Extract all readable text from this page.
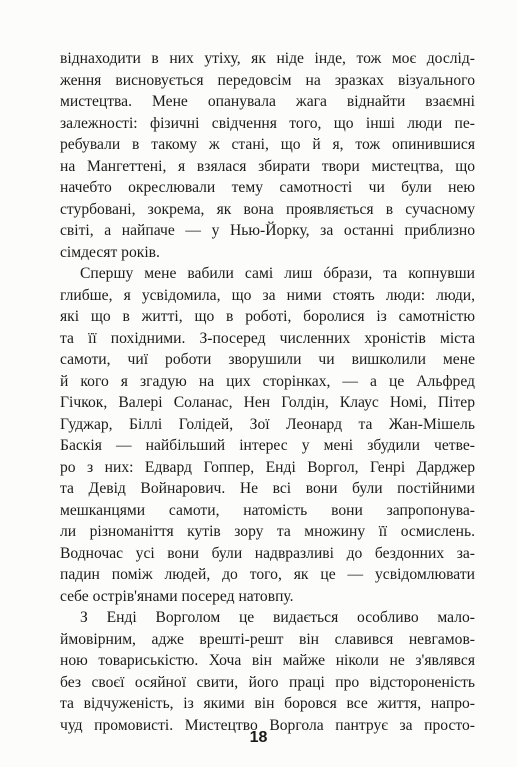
віднаходити в них утіху, як ніде інде, тож моє дослід-
ження висновується передовсім на зразках візуального
мистецтва. Мене опанувала жага віднайти взаємні
залежності: фізичні свідчення того, що інші люди пе-
ребували в такому ж стані, що й я, тож опинившися
на Мангеттені, я взялася збирати твори мистецтва, що
начебто окреслювали тему самотності чи були нею
стурбовані, зокрема, як вона проявляється в сучасному
світі, а найпаче — у Нью-Йорку, за останні приблизно
сімдесят років.
Спершу мене вабили самі лиш óбрази, та копнувши
глибше, я усвідомила, що за ними стоять люди: люди,
які що в житті, що в роботі, боролися із самотністю
та її похідними. З-посеред численних хроністів міста
самоти, чиї роботи зворушили чи вишколили мене
й кого я згадую на цих сторінках, — а це Альфред
Гічкок, Валері Соланас, Нен Голдін, Клаус Номі, Пітер
Гуджар, Біллі Голідей, Зої Леонард та Жан-Мішель
Баскія — найбільший інтерес у мені збудили четве-
ро з них: Едвард Гоппер, Енді Воргол, Генрі Дарджер
та Девід Войнарович. Не всі вони були постійними
мешканцями самоти, натомість вони запропонува-
ли різноманіття кутів зору та множину її осмислень.
Водночас усі вони були надвразливі до бездонних за-
падин поміж людей, до того, як це — усвідомлювати
себе острів'янами посеред натовпу.
З Енді Ворголом це видається особливо мало-
ймовірним, адже врешті-решт він славився невгамов-
ною товариськістю. Хоча він майже ніколи не з'являвся
без своєї осяйної свити, його праці про відстороненість
та відчуженість, із якими він боровся все життя, напро-
чуд промовисті. Мистецтво Воргола пантрує за просто-
18
